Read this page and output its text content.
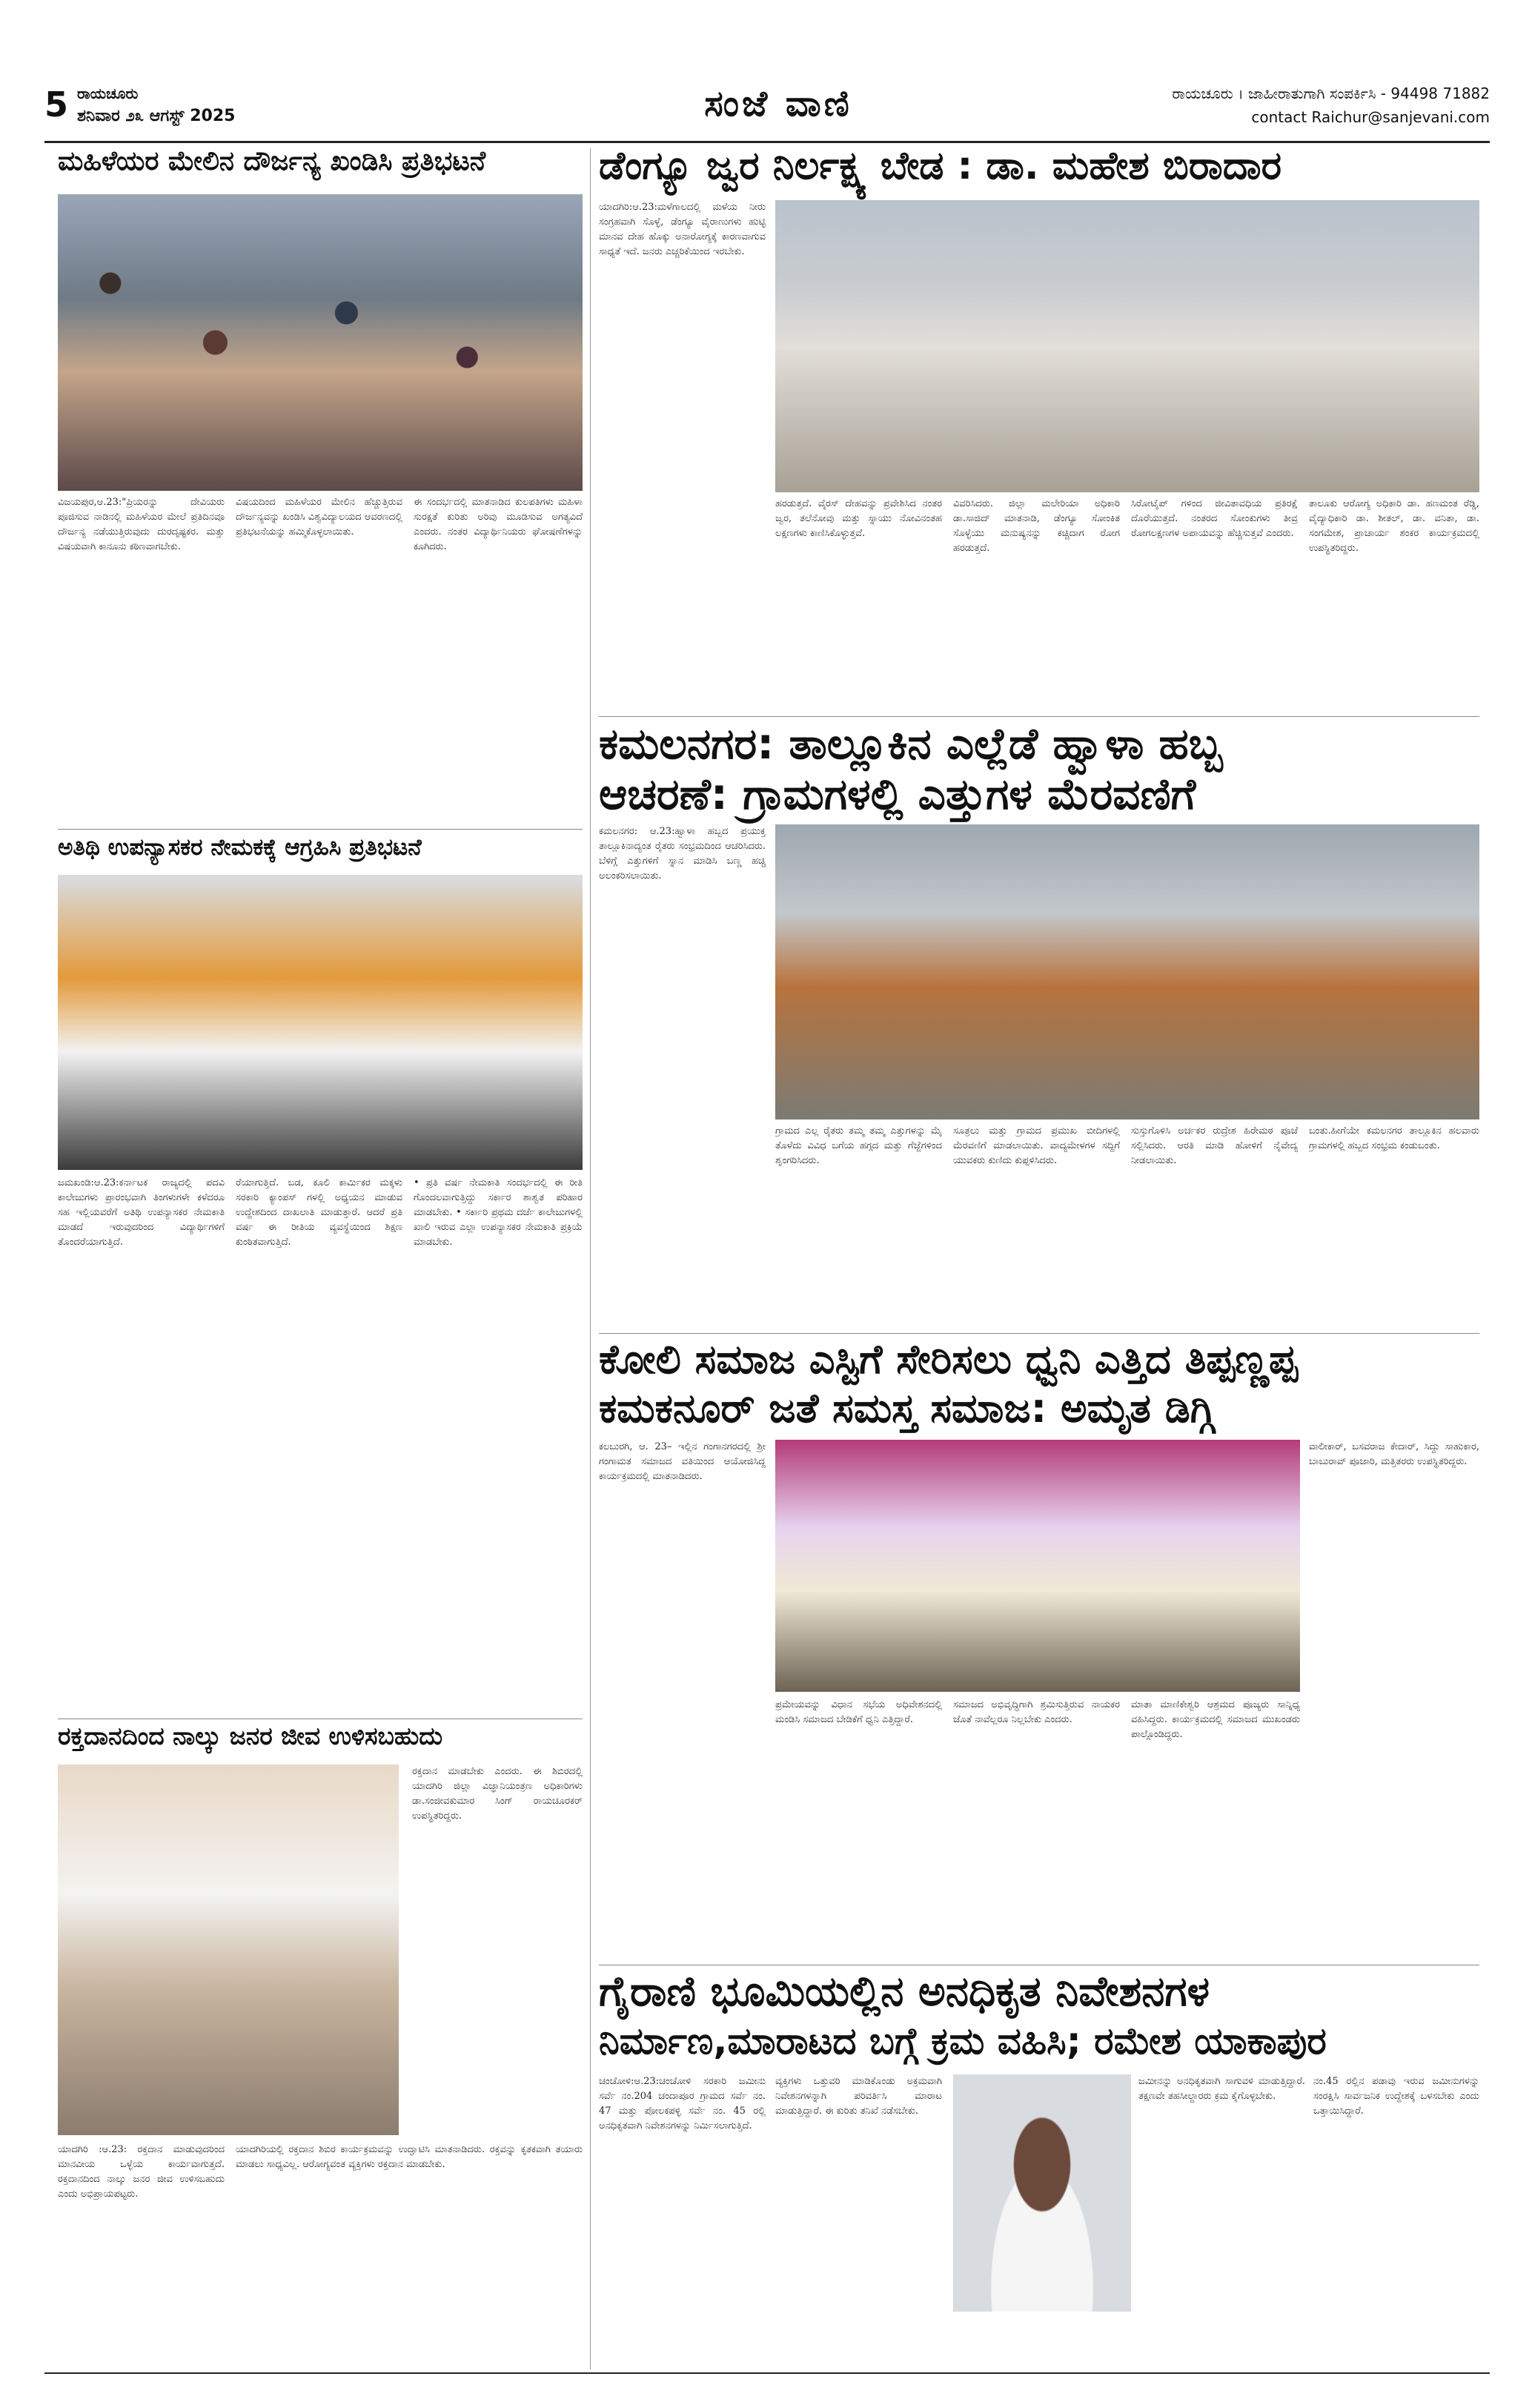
5 ರಾಯಚೂರು
ಶನಿವಾರ ೨೩ ಆಗಸ್ಟ್ 2025	ಸಂಜೆ ವಾಣಿ	ರಾಯಚೂರು । ಜಾಹೀರಾತುಗಾಗಿ ಸಂಪರ್ಕಿಸಿ - 94498 71882
contact Raichur@sanjevani.com
ಮಹಿಳೆಯರ ಮೇಲಿನ ದೌರ್ಜನ್ಯ ಖಂಡಿಸಿ ಪ್ರತಿಭಟನೆ
ವಿಜಯಪುರ,ಆ.23:"ಪ್ರಿಯರನ್ನು ದೇವಿಯರು ಪೂಜಿಸುವ ನಾಡಿನಲ್ಲಿ ಮಹಿಳೆಯರ ಮೇಲೆ ಪ್ರತಿದಿನವೂ ದೌರ್ಜನ್ಯ ನಡೆಯುತ್ತಿರುವುದು ದುರದೃಷ್ಟಕರ. ಮತ್ತು ವಿಷಯವಾಗಿ ಕಾನೂನು ಕಠಿಣವಾಗಬೇಕು.
ವಿಷಯದಿಂದ ಮಹಿಳೆಯರ ಮೇಲಿನ ಹೆಚ್ಚುತ್ತಿರುವ ದೌರ್ಜನ್ಯವನ್ನು ಖಂಡಿಸಿ ವಿಶ್ವವಿದ್ಯಾಲಯದ ಆವರಣದಲ್ಲಿ ಪ್ರತಿಭಟನೆಯನ್ನು ಹಮ್ಮಿಕೊಳ್ಳಲಾಯಿತು.
ಈ ಸಂದರ್ಭದಲ್ಲಿ ಮಾತನಾಡಿದ ಕುಲಪತಿಗಳು ಮಹಿಳಾ ಸುರಕ್ಷತೆ ಕುರಿತು ಅರಿವು ಮೂಡಿಸುವ ಅಗತ್ಯವಿದೆ ಎಂದರು. ನಂತರ ವಿದ್ಯಾರ್ಥಿನಿಯರು ಘೋಷಣೆಗಳನ್ನು ಕೂಗಿದರು.
ಅತಿಥಿ ಉಪನ್ಯಾಸಕರ ನೇಮಕಕ್ಕೆ ಆಗ್ರಹಿಸಿ ಪ್ರತಿಭಟನೆ
ಜಮಖಂಡಿ:ಆ.23:ಕರ್ನಾಟಕ ರಾಜ್ಯದಲ್ಲಿ ಪದವಿ ಕಾಲೇಜುಗಳು ಪ್ರಾರಂಭವಾಗಿ ತಿಂಗಳುಗಳೇ ಕಳೆದರೂ ಸಹ ಇಲ್ಲಿಯವರೆಗೆ ಅತಿಥಿ ಉಪನ್ಯಾಸಕರ ನೇಮಕಾತಿ ಮಾಡದೆ ಇರುವುದರಿಂದ ವಿದ್ಯಾರ್ಥಿಗಳಿಗೆ ತೊಂದರೆಯಾಗುತ್ತಿದೆ.
ರೆಯಾಗುತ್ತಿದೆ. ಬಡ, ಕೂಲಿ ಕಾರ್ಮಿಕರ ಮಕ್ಕಳು ಸರಕಾರಿ ಕ್ಯಾಂಪಸ್ ಗಳಲ್ಲಿ ಅಧ್ಯಯನ ಮಾಡುವ ಉದ್ದೇಶದಿಂದ ದಾಖಲಾತಿ ಮಾಡುತ್ತಾರೆ. ಆದರೆ ಪ್ರತಿ ವರ್ಷ ಈ ರೀತಿಯ ವ್ಯವಸ್ಥೆಯಿಂದ ಶಿಕ್ಷಣ ಕುಂಠಿತವಾಗುತ್ತಿದೆ.
• ಪ್ರತಿ ವರ್ಷ ನೇಮಕಾತಿ ಸಂದರ್ಭದಲ್ಲಿ ಈ ರೀತಿ ಗೊಂದಲವಾಗುತ್ತಿದ್ದು ಸರ್ಕಾರ ಶಾಶ್ವತ ಪರಿಹಾರ ಮಾಡಬೇಕು. • ಸರ್ಕಾರಿ ಪ್ರಥಮ ದರ್ಜೆ ಕಾಲೇಜುಗಳಲ್ಲಿ ಖಾಲಿ ಇರುವ ಎಲ್ಲಾ ಉಪನ್ಯಾಸಕರ ನೇಮಕಾತಿ ಪ್ರಕ್ರಿಯೆ ಮಾಡಬೇಕು.
ರಕ್ತದಾನದಿಂದ ನಾಲ್ಕು ಜನರ ಜೀವ ಉಳಿಸಬಹುದು
ರಕ್ತದಾನ ಮಾಡಬೇಕು ಎಂದರು. ಈ ಶಿಬಿರದಲ್ಲಿ ಯಾದಗಿರಿ ಜಿಲ್ಲಾ ವಿಜ್ಞಾನಿಯಂತ್ರಣ ಅಧಿಕಾರಿಗಳು ಡಾ.ಸಂಜೀವಕುಮಾರ ಸಿಂಗ್ ರಾಯಚೂರಕರ್ ಉಪಸ್ಥಿತರಿದ್ದರು.
ಯಾದಗಿರಿ :ಆ.23: ರಕ್ತದಾನ ಮಾಡುವುದರಿಂದ ಮಾನವೀಯ ಒಳ್ಳೆಯ ಕಾರ್ಯವಾಗುತ್ತದೆ. ರಕ್ತದಾನದಿಂದ ನಾಲ್ಕು ಜನರ ಜೀವ ಉಳಿಸಬಹುದು ಎಂದು ಅಭಿಪ್ರಾಯಪಟ್ಟರು.
ಯಾದಗಿರಿಯಲ್ಲಿ ರಕ್ತದಾನ ಶಿಬಿರ ಕಾರ್ಯಕ್ರಮವನ್ನು ಉದ್ಘಾಟಿಸಿ ಮಾತನಾಡಿದರು. ರಕ್ತವನ್ನು ಕೃತಕವಾಗಿ ತಯಾರು ಮಾಡಲು ಸಾಧ್ಯವಿಲ್ಲ. ಆರೋಗ್ಯವಂತ ವ್ಯಕ್ತಿಗಳು ರಕ್ತದಾನ ಮಾಡಬೇಕು.
ಡೆಂಗ್ಯೂ ಜ್ವರ ನಿರ್ಲಕ್ಷ್ಯ ಬೇಡ : ಡಾ. ಮಹೇಶ ಬಿರಾದಾರ
ಯಾದಗಿರಿ:ಆ.23:ಮಳೆಗಾಲದಲ್ಲಿ ಮಳೆಯ ನೀರು ಸಂಗ್ರಹವಾಗಿ ಸೊಳ್ಳೆ, ಡೆಂಗ್ಯೂ ವೈರಾಣುಗಳು ಹುಟ್ಟಿ ಮಾನವ ದೇಹ ಹೊಕ್ಕು ಅನಾರೋಗ್ಯಕ್ಕೆ ಕಾರಣವಾಗುವ ಸಾಧ್ಯತೆ ಇದೆ. ಜನರು ಎಚ್ಚರಿಕೆಯಿಂದ ಇರಬೇಕು.
ಹರಡುತ್ತದೆ. ವೈರಸ್ ದೇಹವನ್ನು ಪ್ರವೇಶಿಸಿದ ನಂತರ ಜ್ವರ, ತಲೆನೋವು ಮತ್ತು ಸ್ನಾಯು ನೋವಿನಂತಹ ಲಕ್ಷಣಗಳು ಕಾಣಿಸಿಕೊಳ್ಳುತ್ತವೆ.
ವಿವರಿಸಿದರು. ಜಿಲ್ಲಾ ಮಲೇರಿಯಾ ಅಧಿಕಾರಿ ಡಾ.ಸಾಜಿದ್ ಮಾತನಾಡಿ, ಡೆಂಗ್ಯೂ ಸೋಂಕಿತ ಸೊಳ್ಳೆಯು ಮನುಷ್ಯನನ್ನು ಕಚ್ಚಿದಾಗ ರೋಗ ಹರಡುತ್ತದೆ.
ಸಿರೋಟೈಪ್ ಗಳಿಂದ ಜೀವಿತಾವಧಿಯ ಪ್ರತಿರಕ್ಷೆ ದೊರೆಯುತ್ತದೆ. ನಂತರದ ಸೋಂಕುಗಳು ತೀವ್ರ ರೋಗಲಕ್ಷಣಗಳ ಅಪಾಯವನ್ನು ಹೆಚ್ಚಿಸುತ್ತವೆ ಎಂದರು.
ತಾಲೂಕು ಆರೋಗ್ಯ ಅಧಿಕಾರಿ ಡಾ. ಹಣಮಂತ ರೆಡ್ಡಿ, ವೈದ್ಯಾಧಿಕಾರಿ ಡಾ. ಶೀತಲ್, ಡಾ. ವನಿತಾ, ಡಾ. ಸಂಗಮೇಶ, ಪ್ರಾಚಾರ್ಯ ಶಂಕರ ಕಾರ್ಯಕ್ರಮದಲ್ಲಿ ಉಪಸ್ಥಿತರಿದ್ದರು.
ಕಮಲನಗರ: ತಾಲ್ಲೂಕಿನ ಎಲ್ಲೆಡೆ ಹ್ವಾಳಾ ಹಬ್ಬ
ಆಚರಣೆ: ಗ್ರಾಮಗಳಲ್ಲಿ ಎತ್ತುಗಳ ಮೆರವಣಿಗೆ
ಕಮಲನಗರ: ಆ.23:ಹ್ವಾಳಾ ಹಬ್ಬದ ಪ್ರಯುಕ್ತ ತಾಲ್ಲೂಕಿನಾದ್ಯಂತ ರೈತರು ಸಂಭ್ರಮದಿಂದ ಆಚರಿಸಿದರು. ಬೆಳಿಗ್ಗೆ ಎತ್ತುಗಳಿಗೆ ಸ್ನಾನ ಮಾಡಿಸಿ ಬಣ್ಣ ಹಚ್ಚಿ ಅಲಂಕರಿಸಲಾಯಿತು.
ಗ್ರಾಮದ ಎಲ್ಲ ರೈತರು ತಮ್ಮ ತಮ್ಮ ಎತ್ತುಗಳನ್ನು ಮೈ ತೊಳೆದು ವಿವಿಧ ಬಗೆಯ ಹಗ್ಗದ ಮತ್ತು ಗೆಜ್ಜೆಗಳಿಂದ ಶೃಂಗರಿಸಿದರು.
ಸೂತ್ರಲು ಮತ್ತು ಗ್ರಾಮದ ಪ್ರಮುಖ ಬೀದಿಗಳಲ್ಲಿ ಮೆರವಣಿಗೆ ಮಾಡಲಾಯಿತು. ವಾದ್ಯಮೇಳಗಳ ಸದ್ದಿಗೆ ಯುವಕರು ಕುಣಿದು ಕುಪ್ಪಳಿಸಿದರು.
ಸುಸ್ತುಗೊಳಿಸಿ ಅರ್ಚಕರ ರುದ್ರೇಶ ಹಿರೇಮಠ ಪೂಜೆ ಸಲ್ಲಿಸಿದರು. ಆರತಿ ಮಾಡಿ ಹೋಳಿಗೆ ನೈವೇದ್ಯ ನೀಡಲಾಯಿತು.
ಬಂತು.ಹೀಗೆಯೇ ಕಮಲನಗರ ತಾಲ್ಲೂಕಿನ ಹಲವಾರು ಗ್ರಾಮಗಳಲ್ಲಿ ಹಬ್ಬದ ಸಂಭ್ರಮ ಕಂಡುಬಂತು.
ಕೋಲಿ ಸಮಾಜ ಎಸ್ಟಿಗೆ ಸೇರಿಸಲು ಧ್ವನಿ ಎತ್ತಿದ ತಿಪ್ಪಣ್ಣಪ್ಪ
ಕಮಕನೂರ್ ಜತೆ ಸಮಸ್ತ ಸಮಾಜ: ಅಮೃತ ಡಿಗ್ಗಿ
ಕಲಬುರಗಿ, ಆ. 23– ಇಲ್ಲಿನ ಗಂಗಾನಗರದಲ್ಲಿ ಶ್ರೀ ಗಂಗಾಮತ ಸಮಾಜದ ವತಿಯಿಂದ ಆಯೋಜಿಸಿದ್ದ ಕಾರ್ಯಕ್ರಮದಲ್ಲಿ ಮಾತನಾಡಿದರು.
ವಾಲೀಕಾರ್, ಬಸವರಾಜ ಕೇದಾರ್, ಸಿದ್ದು ಸಾಹುಕಾರ, ಬಾಬುರಾವ್ ಪೂಜಾರಿ, ಮತ್ತಿತರರು ಉಪಸ್ಥಿತರಿದ್ದರು.
ಪ್ರಮೇಯವನ್ನು ವಿಧಾನ ಸಭೆಯ ಅಧಿವೇಶನದಲ್ಲಿ ಮಂಡಿಸಿ ಸಮಾಜದ ಬೇಡಿಕೆಗೆ ಧ್ವನಿ ಎತ್ತಿದ್ದಾರೆ.
ಸಮಾಜದ ಅಭಿವೃದ್ಧಿಗಾಗಿ ಶ್ರಮಿಸುತ್ತಿರುವ ನಾಯಕರ ಜೊತೆ ನಾವೆಲ್ಲರೂ ನಿಲ್ಲಬೇಕು ಎಂದರು.
ಮಾತಾ ಮಾಣಿಕೇಶ್ವರಿ ಆಶ್ರಮದ ಪೂಜ್ಯರು ಸಾನ್ನಿಧ್ಯ ವಹಿಸಿದ್ದರು. ಕಾರ್ಯಕ್ರಮದಲ್ಲಿ ಸಮಾಜದ ಮುಖಂಡರು ಪಾಲ್ಗೊಂಡಿದ್ದರು.
ಗೈರಾಣಿ ಭೂಮಿಯಲ್ಲಿನ ಅನಧಿಕೃತ ನಿವೇಶನಗಳ
ನಿರ್ಮಾಣ,ಮಾರಾಟದ ಬಗ್ಗೆ ಕ್ರಮ ವಹಿಸಿ; ರಮೇಶ ಯಾಕಾಪುರ
ಚಂಚೋಳಿ:ಆ.23:ಚಂಚೋಳಿ ಸರಕಾರಿ ಜಮೀನು ಸರ್ವೆ ನಂ.204 ಚಂದಾಪೂರ ಗ್ರಾಮದ ಸರ್ವೆ ನಂ. 47 ಮತ್ತು ಪೋಲಕಪಳ್ಳಿ ಸರ್ವೆ ನಂ. 45 ರಲ್ಲಿ ಅನಧಿಕೃತವಾಗಿ ನಿವೇಶನಗಳನ್ನು ನಿರ್ಮಿಸಲಾಗುತ್ತಿದೆ.
ವ್ಯಕ್ತಿಗಳು ಒತ್ತುವರಿ ಮಾಡಿಕೊಂಡು ಅಕ್ರಮವಾಗಿ ನಿವೇಶನಗಳನ್ನಾಗಿ ಪರಿವರ್ತಿಸಿ ಮಾರಾಟ ಮಾಡುತ್ತಿದ್ದಾರೆ. ಈ ಕುರಿತು ತನಿಖೆ ನಡೆಸಬೇಕು.
ಜಮೀನನ್ನು ಅನಧಿಕೃತವಾಗಿ ಸಾಗುವಳಿ ಮಾಡುತ್ತಿದ್ದಾರೆ. ತಕ್ಷಣವೇ ತಹಸೀಲ್ದಾರರು ಕ್ರಮ ಕೈಗೊಳ್ಳಬೇಕು.
ನಂ.45 ರಲ್ಲಿನ ಪಡಾವು ಇರುವ ಜಮೀನುಗಳನ್ನು ಸಂರಕ್ಷಿಸಿ ಸಾರ್ವಜನಿಕ ಉದ್ದೇಶಕ್ಕೆ ಬಳಸಬೇಕು ಎಂದು ಒತ್ತಾಯಿಸಿದ್ದಾರೆ.
